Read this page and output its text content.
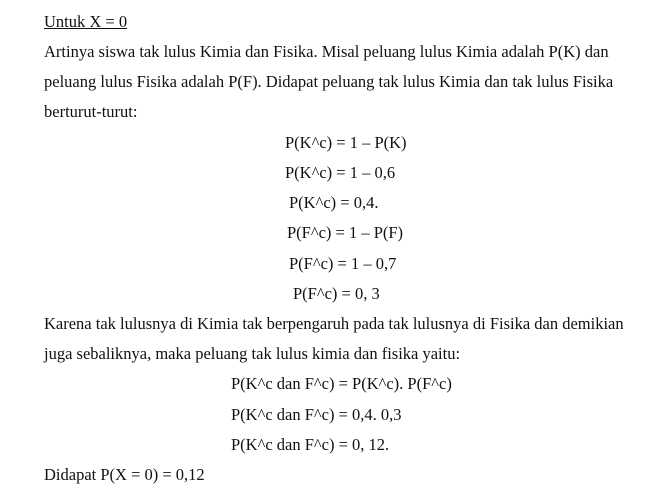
Untuk X = 0
Artinya siswa tak lulus Kimia dan Fisika. Misal peluang lulus Kimia adalah P(K) dan
peluang lulus Fisika adalah P(F). Didapat peluang tak lulus Kimia dan tak lulus Fisika
berturut-turut:
P(K^c) = 1 – P(K)
P(K^c) = 1 – 0,6
P(K^c) = 0,4.
P(F^c) = 1 – P(F)
P(F^c) = 1 – 0,7
P(F^c) = 0, 3
Karena tak lulusnya di Kimia tak berpengaruh pada tak lulusnya di Fisika dan demikian
juga sebaliknya, maka peluang tak lulus kimia dan fisika yaitu:
P(K^c dan F^c) = P(K^c). P(F^c)
P(K^c dan F^c) = 0,4. 0,3
P(K^c dan F^c) = 0, 12.
Didapat P(X = 0) = 0,12
